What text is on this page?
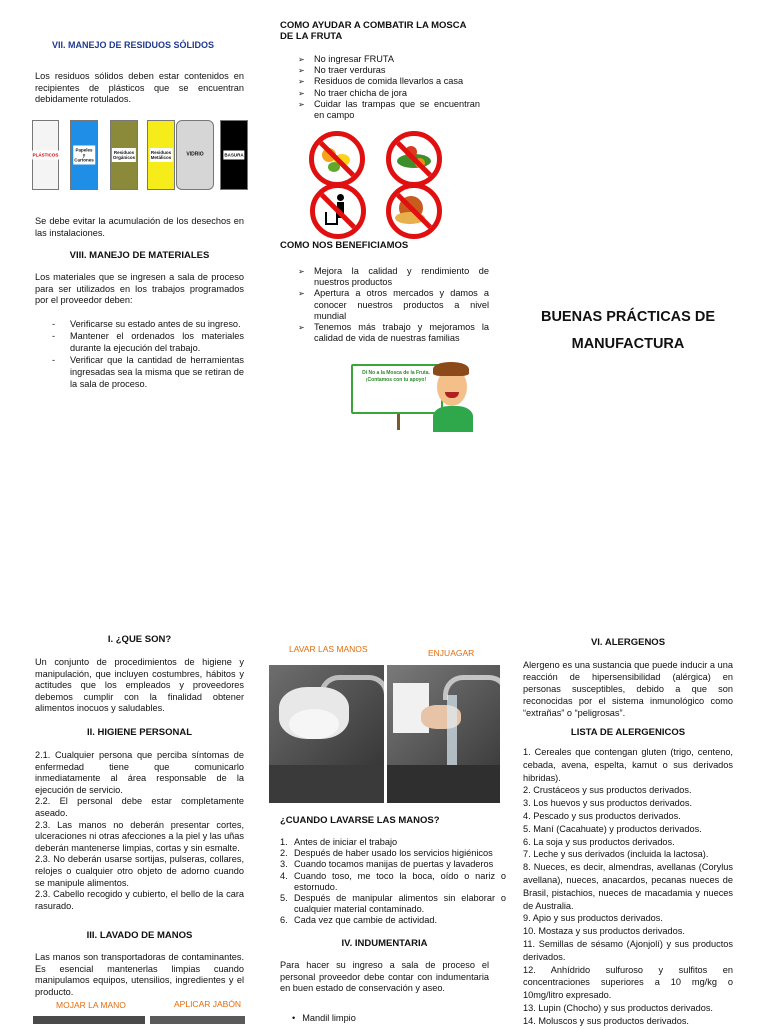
VII. MANEJO DE RESIDUOS SÓLIDOS

Los residuos sólidos deben estar contenidos en recipientes de plásticos que se encuentran debidamente rotulados.

PLÁSTICOS
Papeles y Cartones
Residuos Orgánicos
Residuos Metálicos	VIDRIO	BASURA

Se debe evitar la acumulación de los desechos en las instalaciones.

VIII. MANEJO DE MATERIALES

Los materiales que se ingresen a sala de proceso para ser utilizados en los trabajos programados por el proveedor deben:

- Verificarse su estado antes de su ingreso.
- Mantener el ordenados los materiales durante la ejecución del trabajo.
- Verificar que la cantidad de herramientas ingresadas sea la misma que se retiran de la sala de proceso.

COMO AYUDAR A COMBATIR LA MOSCA DE LA FRUTA

➢ No ingresar FRUTA
➢ No traer verduras
➢ Residuos de comida llevarlos a casa
➢ No traer chicha de jora
➢ Cuidar las trampas que se encuentran en campo

COMO NOS BENEFICIAMOS

➢ Mejora la calidad y rendimiento de nuestros productos
➢ Apertura a otros mercados y damos a conocer nuestros productos a nivel mundial
➢ Tenemos más trabajo y mejoramos la calidad de vida de nuestras familias
Di No a la Mosca de la Fruta. ¡Contamos con tu apoyo!
BUENAS PRÁCTICAS DE
MANUFACTURA

I. ¿QUE SON?

Un conjunto de procedimientos de higiene y manipulación, que incluyen costumbres, hábitos y actitudes que los empleados y proveedores debemos cumplir con la finalidad obtener alimentos inocuos y saludables.

II. HIGIENE PERSONAL

2.1. Cualquier persona que perciba síntomas de enfermedad tiene que comunicarlo inmediatamente al área responsable de la ejecución de servicio.

2.2. El personal debe estar completamente aseado.

2.3. Las manos no deberán presentar cortes, ulceraciones ni otras afecciones a la piel y las uñas deberán mantenerse limpias, cortas y sin esmalte.

2.3. No deberán usarse sortijas, pulseras, collares, relojes o cualquier otro objeto de adorno cuando se manipule alimentos.

2.3. Cabello recogido y cubierto, el bello de la cara rasurado.

III. LAVADO DE MANOS

Las manos son transportadoras de contaminantes. Es esencial mantenerlas limpias cuando manipulamos equipos, utensilios, ingredientes y el producto.

MOJAR LA MANO	APLICAR JABÓN
LAVAR LAS MANOS	ENJUAGAR

¿CUANDO LAVARSE LAS MANOS?

1. Antes de iniciar el trabajo
2. Después de haber usado los servicios higiénicos
3. Cuando tocamos manijas de puertas y lavaderos
4. Cuando toso, me toco la boca, oído o nariz o estornudo.
5. Después de manipular alimentos sin elaborar o cualquier material contaminado.
6. Cada vez que cambie de actividad.

IV. INDUMENTARIA

Para hacer su ingreso a sala de proceso el personal proveedor debe contar con indumentaria en buen estado de conservación y aseo.

• Mandil limpio

VI. ALERGENOS

Alergeno es una sustancia que puede inducir a una reacción de hipersensibilidad (alérgica) en personas susceptibles, debido a que son reconocidas por el sistema inmunológico como “extrañas” o “peligrosas”.

LISTA DE ALERGENICOS

1. Cereales que contengan gluten (trigo, centeno, cebada, avena, espelta, kamut o sus derivados hibridas).

2. Crustáceos y sus productos derivados.

3. Los huevos y sus productos derivados.

4. Pescado y sus productos derivados.

5. Maní (Cacahuate) y productos derivados.

6. La soja y sus productos derivados.

7. Leche y sus derivados (incluida la lactosa).

8. Nueces, es decir, almendras, avellanas (Corylus avellana), nueces, anacardos, pecanas nueces de Brasil, pistachios, nueces de macadamia y nueces de Australia.

9. Apio y sus productos derivados.

10. Mostaza y sus productos derivados.

11. Semillas de sésamo (Ajonjolí) y sus productos derivados.

12. Anhídrido sulfuroso y sulfitos en concentraciones superiores a 10 mg/kg o 10mg/litro expresado.

13. Lupin (Chocho) y sus productos derivados.

14. Moluscos y sus productos derivados.
